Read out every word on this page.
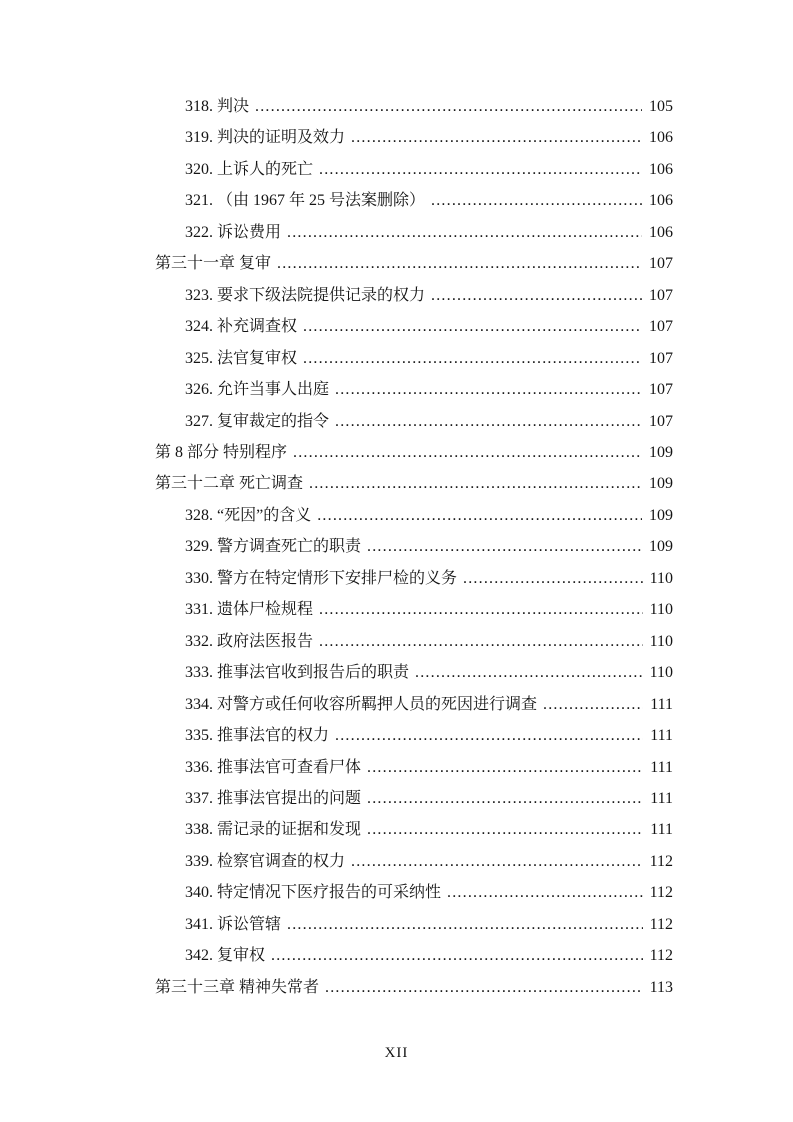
318. 判决 .....	105
319. 判决的证明及效力 .....	106
320. 上诉人的死亡 .....	106
321. （由 1967 年 25 号法案删除） .....	106
322. 诉讼费用 .....	106
第三十一章 复审 .....	107
323. 要求下级法院提供记录的权力 .....	107
324. 补充调查权 .....	107
325. 法官复审权 .....	107
326. 允许当事人出庭 .....	107
327. 复审裁定的指令 .....	107
第 8 部分 特别程序 .....	109
第三十二章 死亡调查 .....	109
328. “死因”的含义 .....	109
329. 警方调查死亡的职责 .....	109
330. 警方在特定情形下安排尸检的义务 .....	110
331. 遗体尸检规程 .....	110
332. 政府法医报告 .....	110
333. 推事法官收到报告后的职责 .....	110
334. 对警方或任何收容所羁押人员的死因进行调查 .....	111
335. 推事法官的权力 .....	111
336. 推事法官可查看尸体 .....	111
337. 推事法官提出的问题 .....	111
338. 需记录的证据和发现 .....	111
339. 检察官调查的权力 .....	112
340. 特定情况下医疗报告的可采纳性 .....	112
341. 诉讼管辖 .....	112
342. 复审权 .....	112
第三十三章 精神失常者 .....	113
XII
